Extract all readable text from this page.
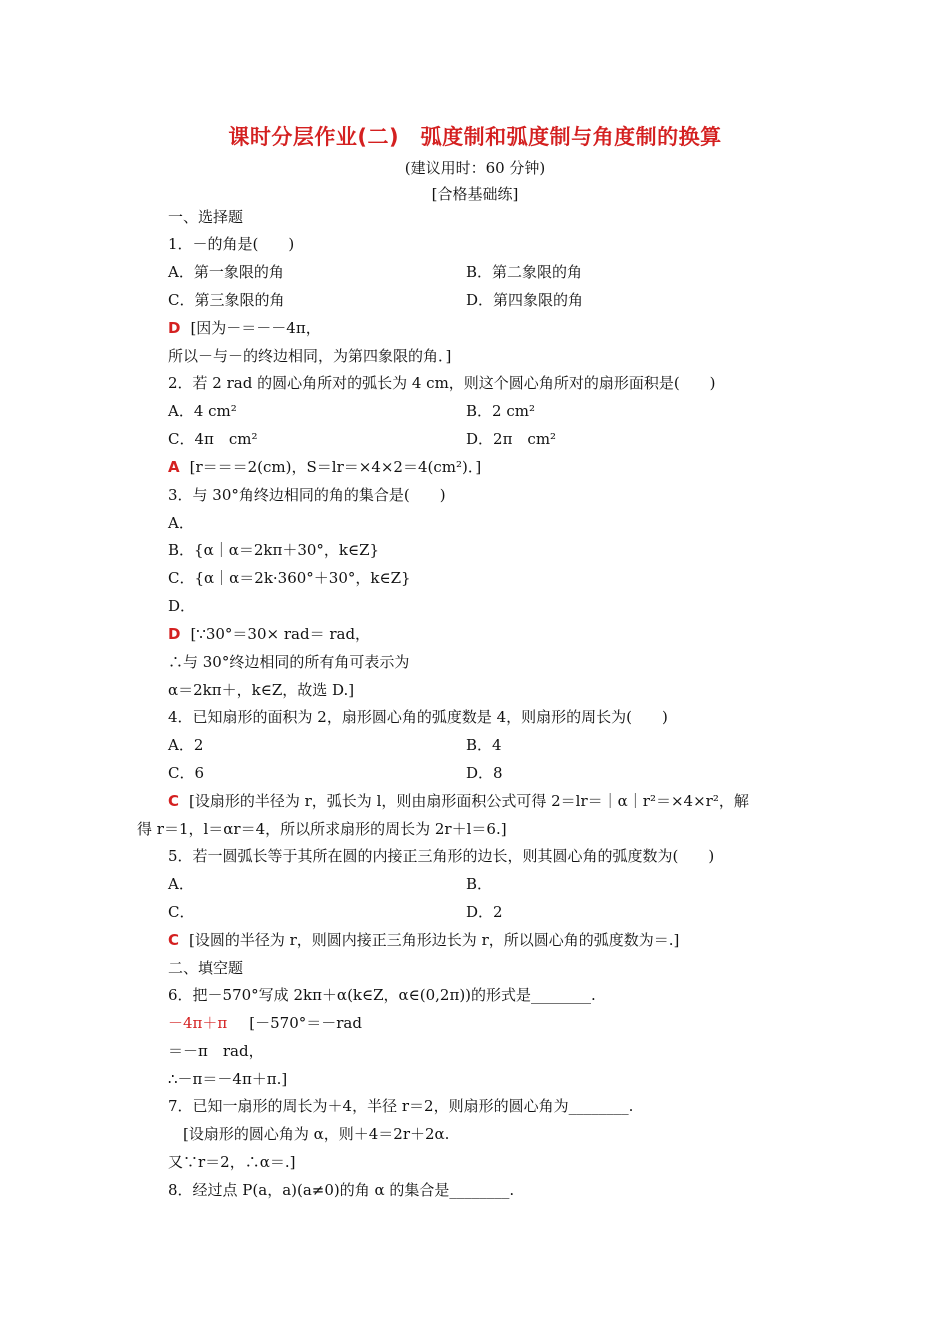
课时分层作业(二)　弧度制和弧度制与角度制的换算
(建议用时：60 分钟)
[合格基础练]
一、选择题
1．－的角是(　　)
A．第一象限的角	B．第二象限的角
C．第三象限的角	D．第四象限的角
D [因为－＝－－4π，
所以－与－的终边相同，为第四象限的角．]
2．若 2 rad 的圆心角所对的弧长为 4 cm，则这个圆心角所对的扇形面积是(　　)
A．4 cm²	B．2 cm²
C．4π　cm²	D．2π　cm²
A [r＝＝＝2(cm)，S＝lr＝×4×2＝4(cm²)．]
3．与 30°角终边相同的角的集合是(　　)
A．
B．{α｜α＝2kπ＋30°，k∈Z}
C．{α｜α＝2k·360°＋30°，k∈Z}
D．
D [∵30°＝30× rad＝ rad，
∴与 30°终边相同的所有角可表示为
α＝2kπ＋，k∈Z，故选 D.]
4．已知扇形的面积为 2，扇形圆心角的弧度数是 4，则扇形的周长为(　　)
A．2	B．4
C．6	D．8
C [设扇形的半径为 r，弧长为 l，则由扇形面积公式可得 2＝lr＝｜α｜r²＝×4×r²，解
得 r＝1，l＝αr＝4，所以所求扇形的周长为 2r＋l＝6.]
5．若一圆弧长等于其所在圆的内接正三角形的边长，则其圆心角的弧度数为(　　)
A．	B．
C．	D．2
C [设圆的半径为 r，则圆内接正三角形边长为 r，所以圆心角的弧度数为＝.]
二、填空题
6．把－570°写成 2kπ＋α(k∈Z，α∈(0,2π))的形式是________.
－4π＋π [－570°＝－rad
＝－π　rad，
∴－π＝－4π＋π.]
7．已知一扇形的周长为＋4，半径 r＝2，则扇形的圆心角为________.
[设扇形的圆心角为 α，则＋4＝2r＋2α.
又∵r＝2，∴α＝.]
8．经过点 P(a，a)(a≠0)的角 α 的集合是________.
